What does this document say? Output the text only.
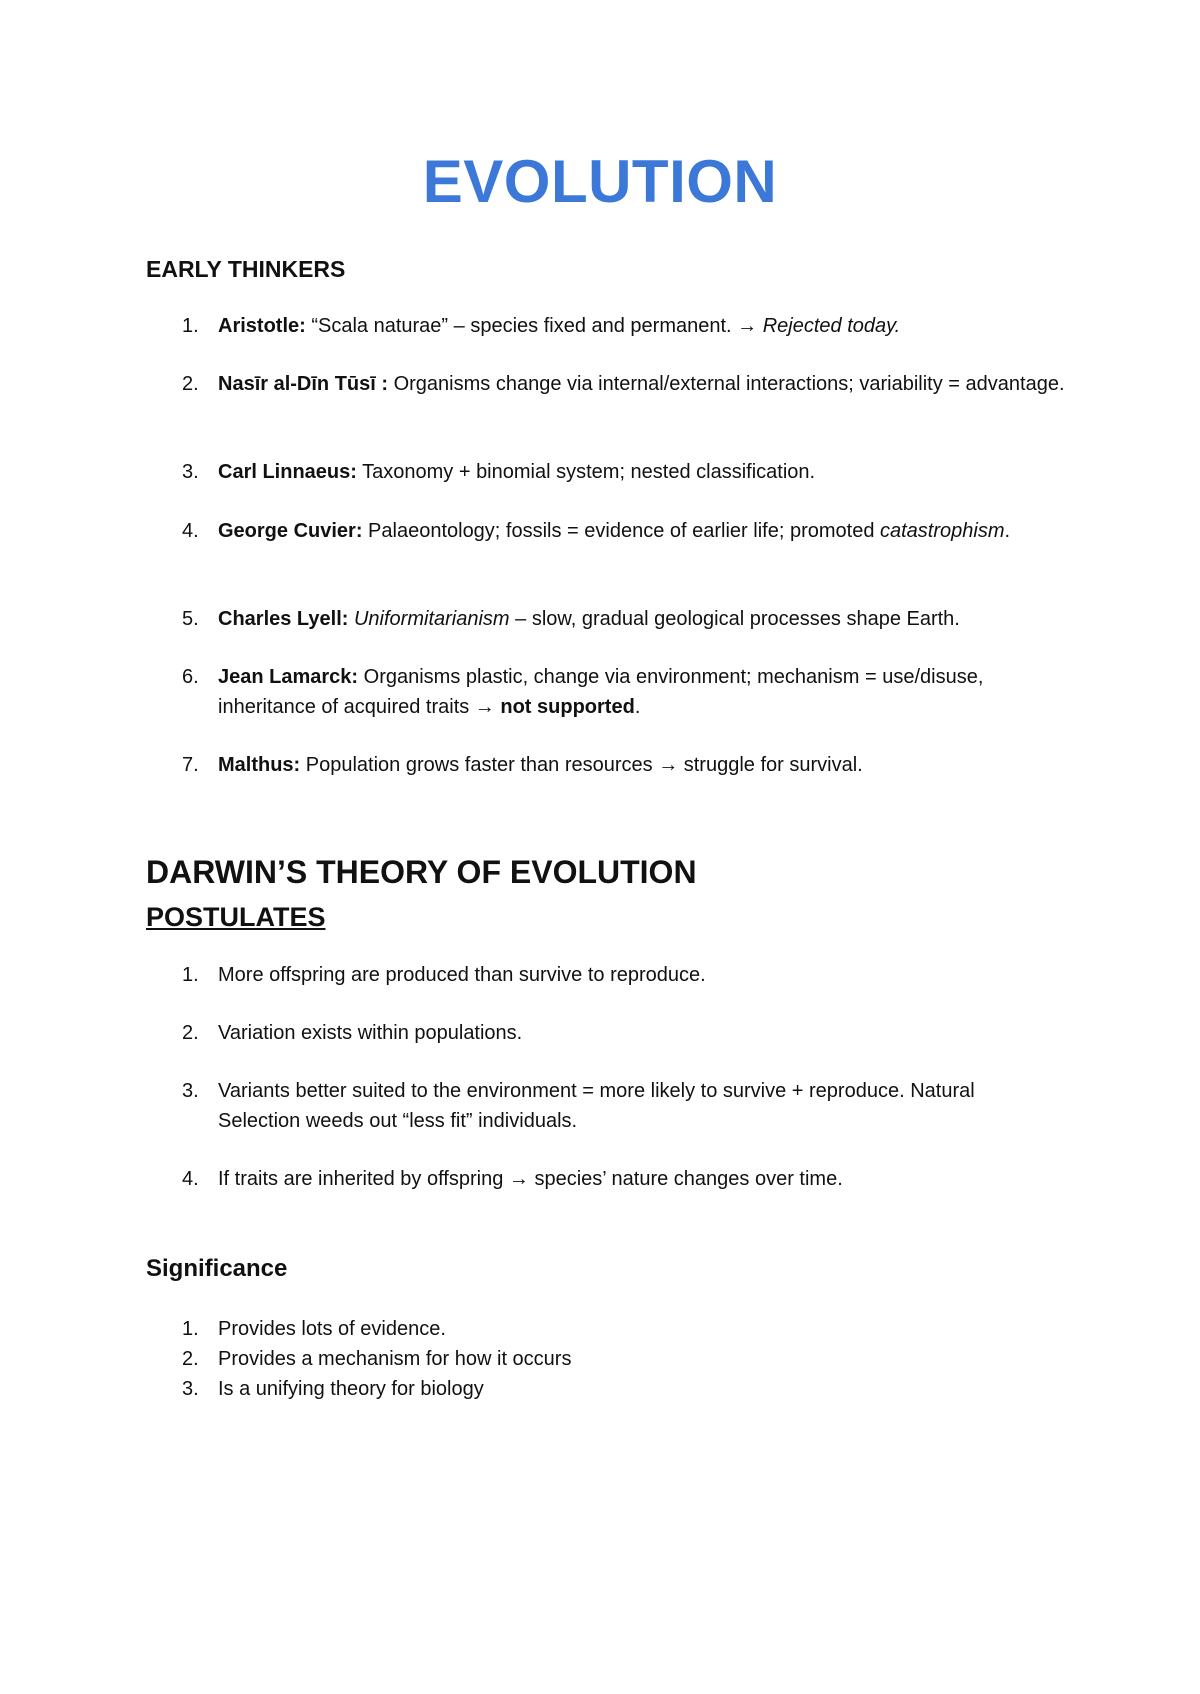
EVOLUTION
EARLY THINKERS
1. Aristotle: “Scala naturae” – species fixed and permanent. → Rejected today.
2. Nasīr al-Dīn Tūsī : Organisms change via internal/external interactions; variability = advantage.
3. Carl Linnaeus: Taxonomy + binomial system; nested classification.
4. George Cuvier: Palaeontology; fossils = evidence of earlier life; promoted catastrophism.
5. Charles Lyell: Uniformitarianism – slow, gradual geological processes shape Earth.
6. Jean Lamarck: Organisms plastic, change via environment; mechanism = use/disuse, inheritance of acquired traits → not supported.
7. Malthus: Population grows faster than resources → struggle for survival.
DARWIN’S THEORY OF EVOLUTION
POSTULATES
1. More offspring are produced than survive to reproduce.
2. Variation exists within populations.
3. Variants better suited to the environment = more likely to survive + reproduce. Natural Selection weeds out “less fit” individuals.
4. If traits are inherited by offspring → species’ nature changes over time.
Significance
1. Provides lots of evidence.
2. Provides a mechanism for how it occurs
3. Is a unifying theory for biology
